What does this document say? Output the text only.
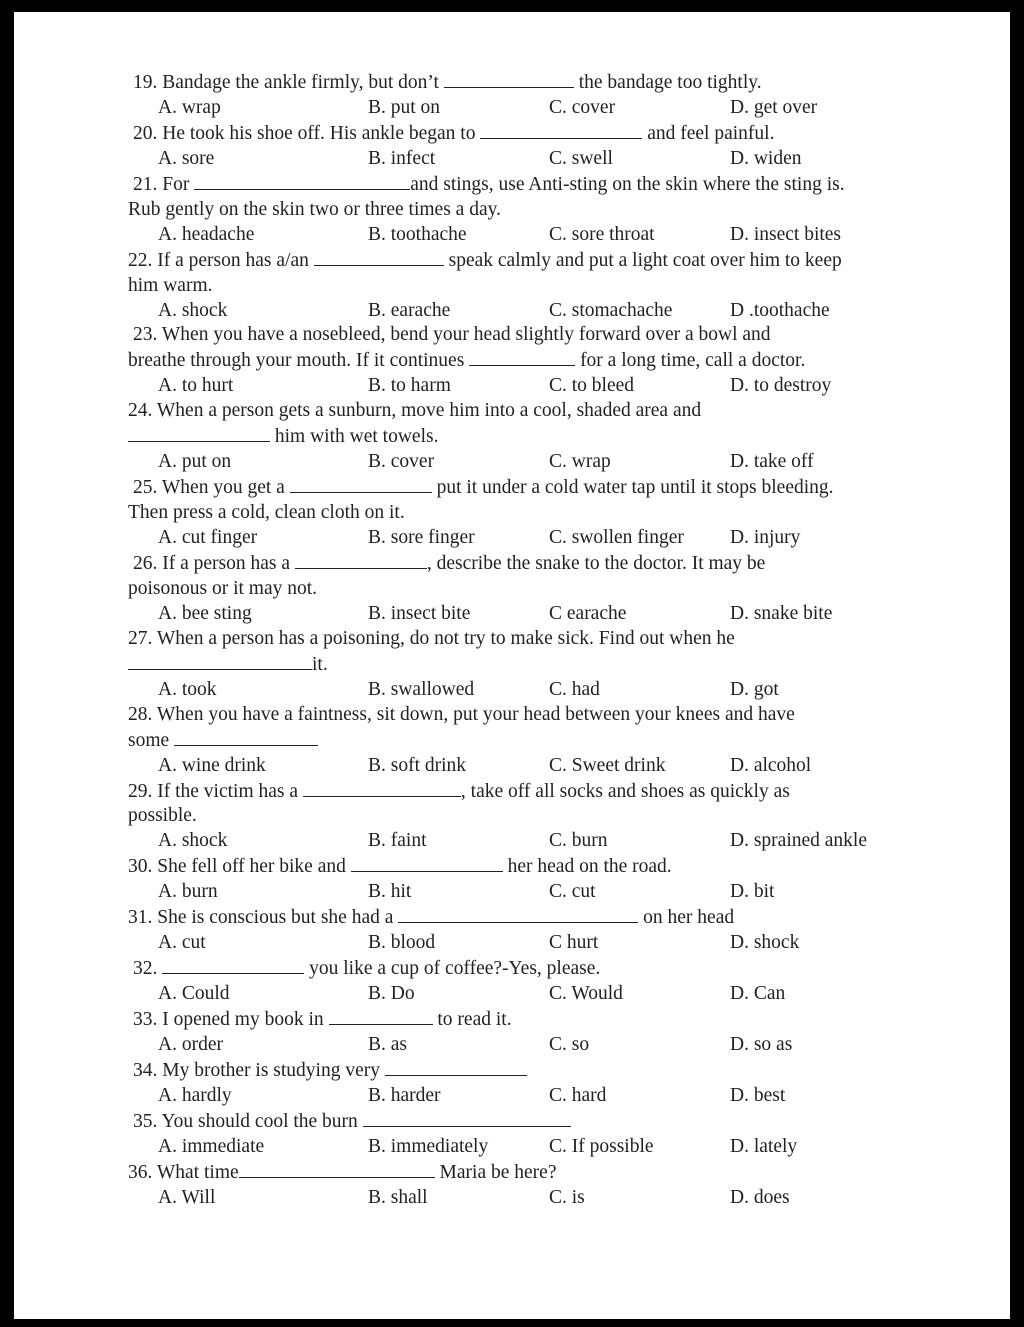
19. Bandage the ankle firmly, but don’t	the bandage too tightly.
A. wrap	B. put on	C. cover	D. get over
20. He took his shoe off. His ankle began to	and feel painful.
A. sore	B. infect	C. swell	D. widen
21. For	and stings, use Anti-sting on the skin where the sting is.
Rub gently on the skin two or three times a day.
A. headache	B. toothache	C. sore throat	D. insect bites
22. If a person has a/an	speak calmly and put a light coat over him to keep
him warm.
A. shock	B. earache	C. stomachache	D .toothache
23. When you have a nosebleed, bend your head slightly forward over a bowl and
breathe through your mouth. If it continues	for a long time, call a doctor.
A. to hurt	B. to harm	C. to bleed	D. to destroy
24. When a person gets a sunburn, move him into a cool, shaded area and
him with wet towels.
A. put on	B. cover	C. wrap	D. take off
25. When you get a	put it under a cold water tap until it stops bleeding.
Then press a cold, clean cloth on it.
A. cut finger	B. sore finger	C. swollen finger D. injury
26. If a person has a	, describe the snake to the doctor. It may be
poisonous or it may not.
A. bee sting	B. insect bite	C earache	D. snake bite
27. When a person has a poisoning, do not try to make sick. Find out when he
it.
A. took	B. swallowed	C. had	D. got
28. When you have a faintness, sit down, put your head between your knees and have
some
A. wine drink	B. soft drink	C. Sweet drink	D. alcohol
29. If the victim has a	, take off all socks and shoes as quickly as
possible.
A. shock	B. faint	C. burn	D. sprained ankle
30. She fell off her bike and	her head on the road.
A. burn	B. hit	C. cut	D. bit
31. She is conscious but she had a	on her head
A. cut	B. blood	C hurt	D. shock
32.	you like a cup of coffee?-Yes, please.
A. Could	B. Do	C. Would	D. Can
33. I opened my book in	to read it.
A. order	B. as	C. so	D. so as
34. My brother is studying very
A. hardly	B. harder	C. hard	D. best
35. You should cool the burn
A. immediate	B. immediately	C. If possible	D. lately
36. What time	Maria be here?
A. Will	B. shall	C. is	D. does
